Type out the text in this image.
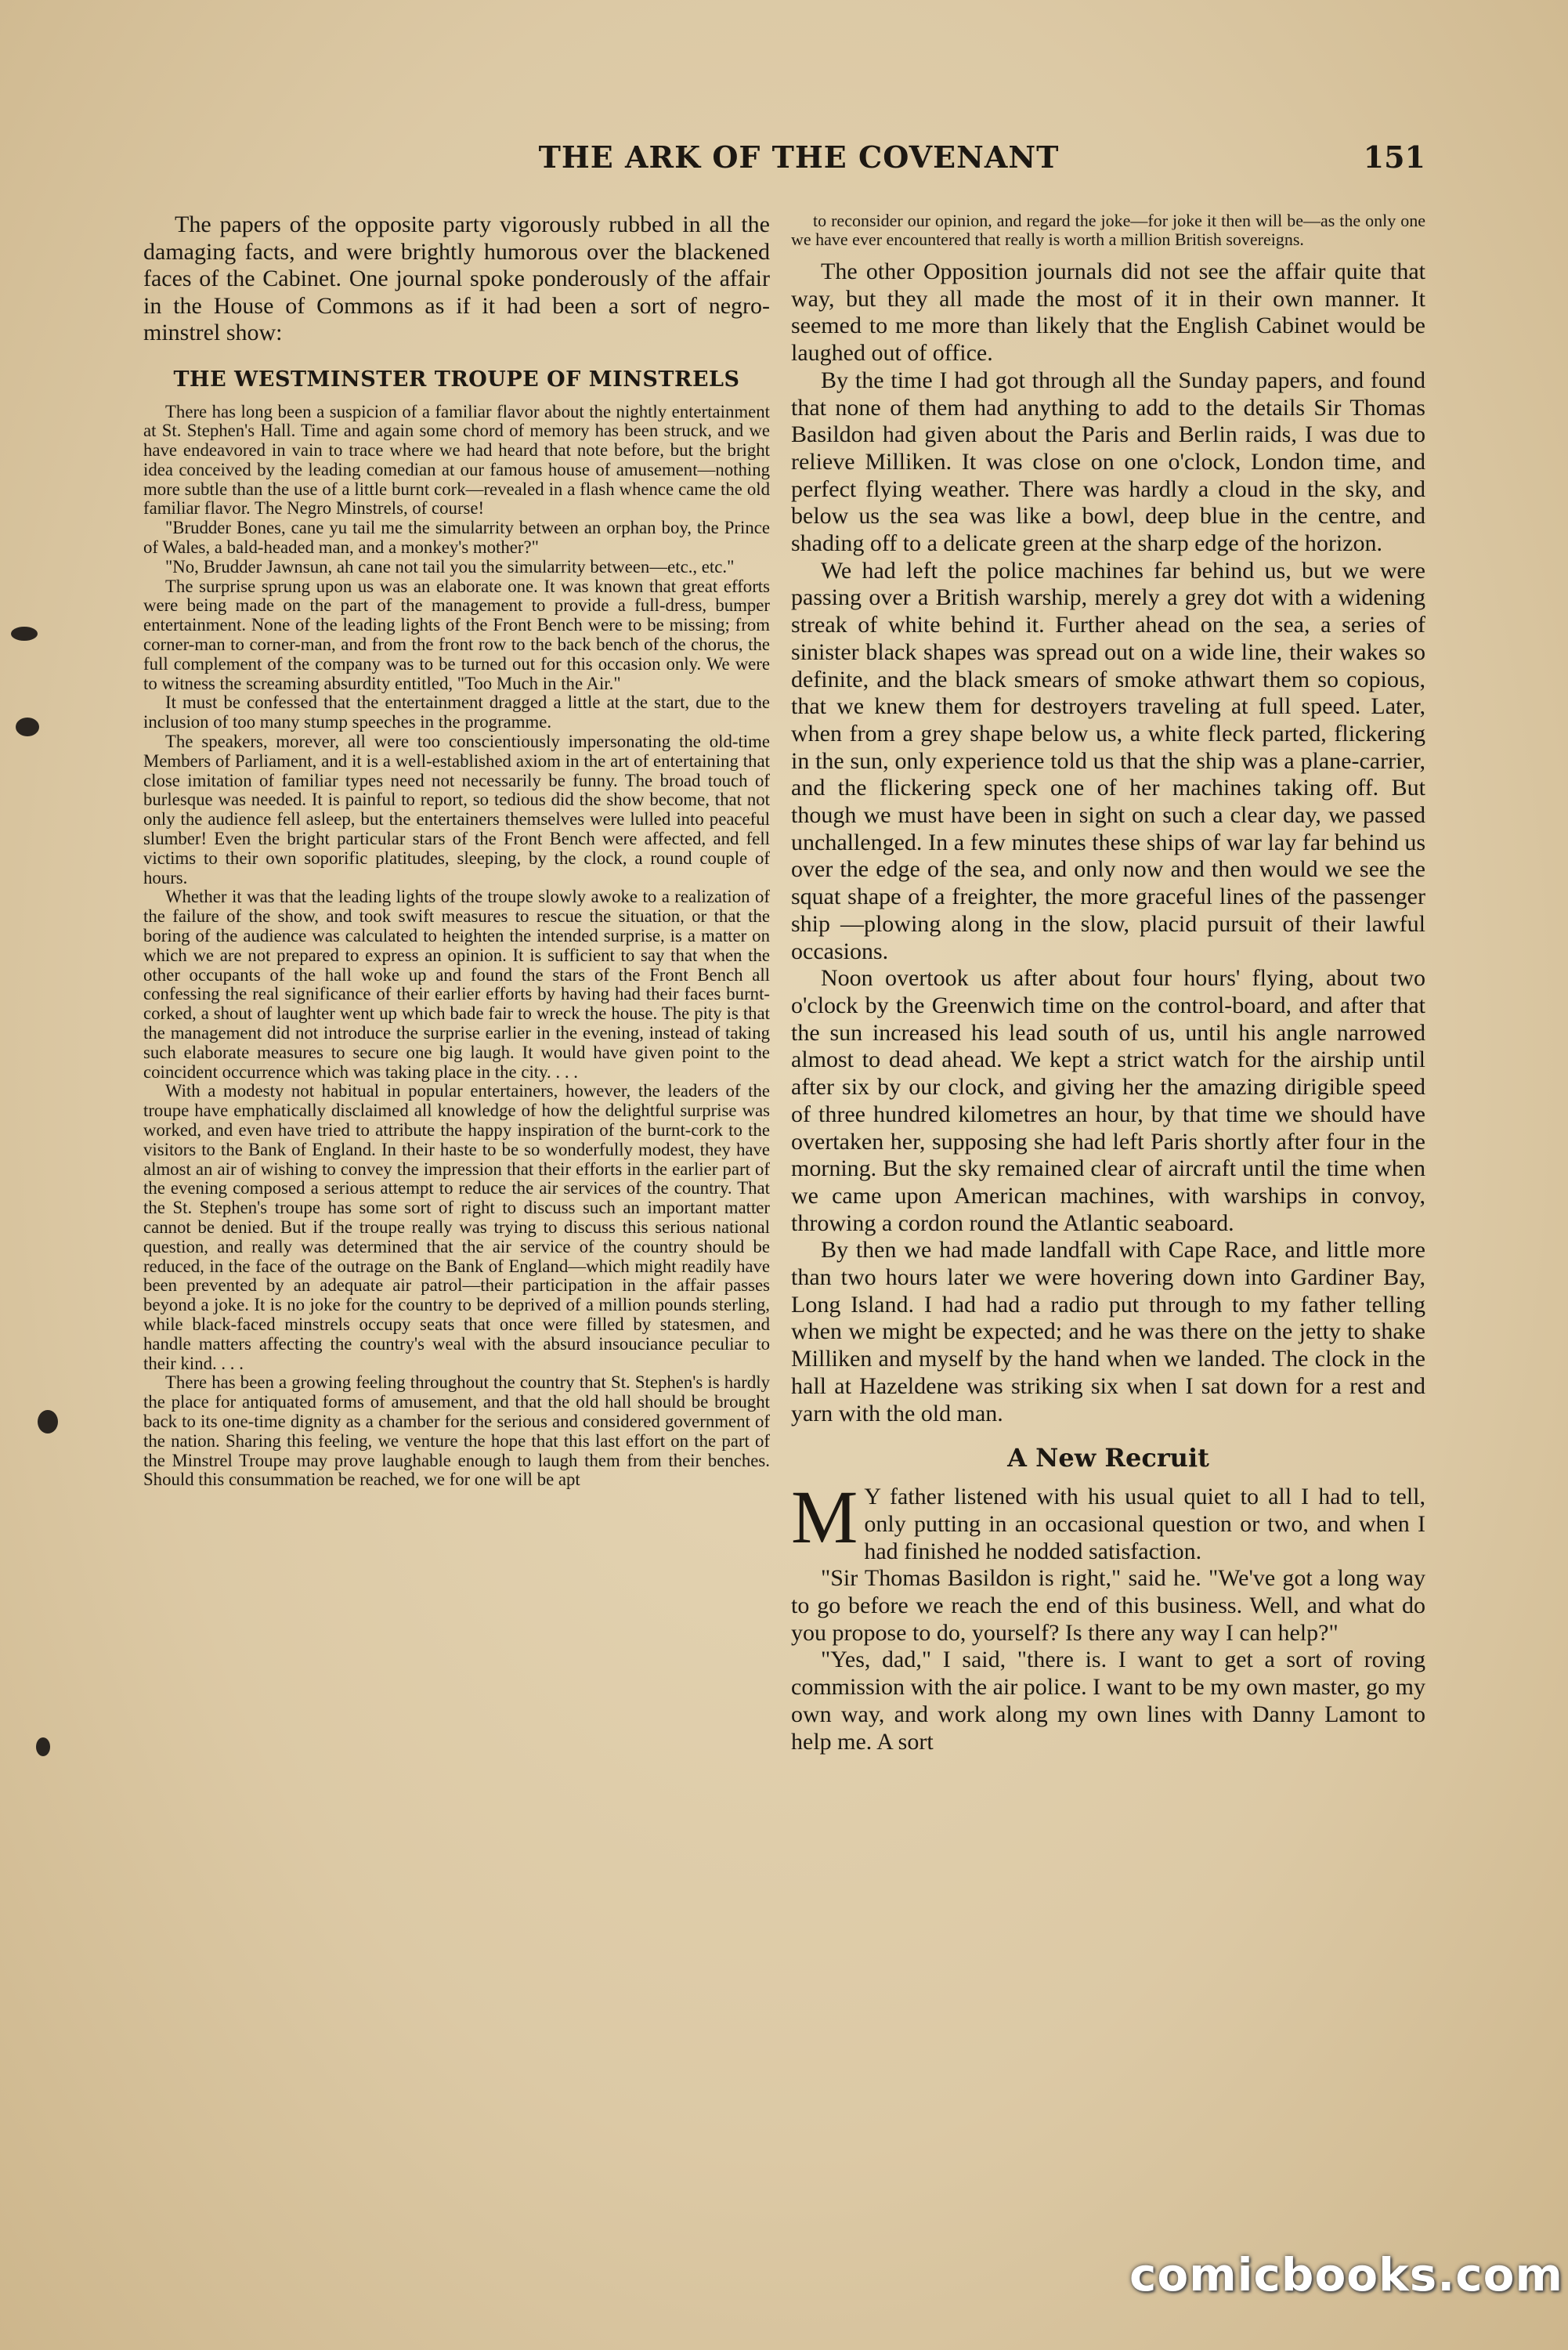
THE ARK OF THE COVENANT	151

The papers of the opposite party vigorously rubbed in all the damaging facts, and were brightly humorous over the blackened faces of the Cabinet. One journal spoke ponderously of the affair in the House of Commons as if it had been a sort of negro-minstrel show:

THE WESTMINSTER TROUPE OF MINSTRELS

There has long been a suspicion of a familiar flavor about the nightly entertainment at St. Stephen's Hall. Time and again some chord of memory has been struck, and we have endeavored in vain to trace where we had heard that note before, but the bright idea conceived by the leading comedian at our famous house of amusement—nothing more subtle than the use of a little burnt cork—revealed in a flash whence came the old familiar flavor. The Negro Minstrels, of course!

"Brudder Bones, cane yu tail me the simularrity between an orphan boy, the Prince of Wales, a bald-headed man, and a monkey's mother?"

"No, Brudder Jawnsun, ah cane not tail you the simularrity between—etc., etc."

The surprise sprung upon us was an elaborate one. It was known that great efforts were being made on the part of the management to provide a full-dress, bumper entertainment. None of the leading lights of the Front Bench were to be missing; from corner-man to corner-man, and from the front row to the back bench of the chorus, the full complement of the company was to be turned out for this occasion only. We were to witness the screaming absurdity entitled, "Too Much in the Air."

It must be confessed that the entertainment dragged a little at the start, due to the inclusion of too many stump speeches in the programme.

The speakers, morever, all were too conscientiously impersonating the old-time Members of Parliament, and it is a well-established axiom in the art of entertaining that close imitation of familiar types need not necessarily be funny. The broad touch of burlesque was needed. It is painful to report, so tedious did the show become, that not only the audience fell asleep, but the entertainers themselves were lulled into peaceful slumber! Even the bright particular stars of the Front Bench were affected, and fell victims to their own soporific platitudes, sleeping, by the clock, a round couple of hours.

Whether it was that the leading lights of the troupe slowly awoke to a realization of the failure of the show, and took swift measures to rescue the situation, or that the boring of the audience was calculated to heighten the intended surprise, is a matter on which we are not prepared to express an opinion. It is sufficient to say that when the other occupants of the hall woke up and found the stars of the Front Bench all confessing the real significance of their earlier efforts by having had their faces burnt-corked, a shout of laughter went up which bade fair to wreck the house. The pity is that the management did not introduce the surprise earlier in the evening, instead of taking such elaborate measures to secure one big laugh. It would have given point to the coincident occurrence which was taking place in the city. . . .

With a modesty not habitual in popular entertainers, however, the leaders of the troupe have emphatically disclaimed all knowledge of how the delightful surprise was worked, and even have tried to attribute the happy inspiration of the burnt-cork to the visitors to the Bank of England. In their haste to be so wonderfully modest, they have almost an air of wishing to convey the impression that their efforts in the earlier part of the evening composed a serious attempt to reduce the air services of the country. That the St. Stephen's troupe has some sort of right to discuss such an important matter cannot be denied. But if the troupe really was trying to discuss this serious national question, and really was determined that the air service of the country should be reduced, in the face of the outrage on the Bank of England—which might readily have been prevented by an adequate air patrol—their participation in the affair passes beyond a joke. It is no joke for the country to be deprived of a million pounds sterling, while black-faced minstrels occupy seats that once were filled by statesmen, and handle matters affecting the country's weal with the absurd insouciance peculiar to their kind. . . .

There has been a growing feeling throughout the country that St. Stephen's is hardly the place for antiquated forms of amusement, and that the old hall should be brought back to its one-time dignity as a chamber for the serious and considered government of the nation. Sharing this feeling, we venture the hope that this last effort on the part of the Minstrel Troupe may prove laughable enough to laugh them from their benches. Should this consummation be reached, we for one will be apt

to reconsider our opinion, and regard the joke—for joke it then will be—as the only one we have ever encountered that really is worth a million British sovereigns.

The other Opposition journals did not see the affair quite that way, but they all made the most of it in their own manner. It seemed to me more than likely that the English Cabinet would be laughed out of office.

By the time I had got through all the Sunday papers, and found that none of them had anything to add to the details Sir Thomas Basildon had given about the Paris and Berlin raids, I was due to relieve Milliken. It was close on one o'clock, London time, and perfect flying weather. There was hardly a cloud in the sky, and below us the sea was like a bowl, deep blue in the centre, and shading off to a delicate green at the sharp edge of the horizon.

We had left the police machines far behind us, but we were passing over a British warship, merely a grey dot with a widening streak of white behind it. Further ahead on the sea, a series of sinister black shapes was spread out on a wide line, their wakes so definite, and the black smears of smoke athwart them so copious, that we knew them for destroyers traveling at full speed. Later, when from a grey shape below us, a white fleck parted, flickering in the sun, only experience told us that the ship was a plane-carrier, and the flickering speck one of her machines taking off. But though we must have been in sight on such a clear day, we passed unchallenged. In a few minutes these ships of war lay far behind us over the edge of the sea, and only now and then would we see the squat shape of a freighter, the more graceful lines of the passenger ship —plowing along in the slow, placid pursuit of their lawful occasions.

Noon overtook us after about four hours' flying, about two o'clock by the Greenwich time on the control-board, and after that the sun increased his lead south of us, until his angle narrowed almost to dead ahead. We kept a strict watch for the airship until after six by our clock, and giving her the amazing dirigible speed of three hundred kilometres an hour, by that time we should have overtaken her, supposing she had left Paris shortly after four in the morning. But the sky remained clear of aircraft until the time when we came upon American machines, with warships in convoy, throwing a cordon round the Atlantic seaboard.

By then we had made landfall with Cape Race, and little more than two hours later we were hovering down into Gardiner Bay, Long Island. I had had a radio put through to my father telling when we might be expected; and he was there on the jetty to shake Milliken and myself by the hand when we landed. The clock in the hall at Hazeldene was striking six when I sat down for a rest and yarn with the old man.

A New Recruit

M Y father listened with his usual quiet to all I had to tell, only putting in an occasional question or two, and when I had finished he nodded satisfaction.

"Sir Thomas Basildon is right," said he. "We've got a long way to go before we reach the end of this business. Well, and what do you propose to do, yourself? Is there any way I can help?"

"Yes, dad," I said, "there is. I want to get a sort of roving commission with the air police. I want to be my own master, go my own way, and work along my own lines with Danny Lamont to help me. A sort

comicbooks.com
